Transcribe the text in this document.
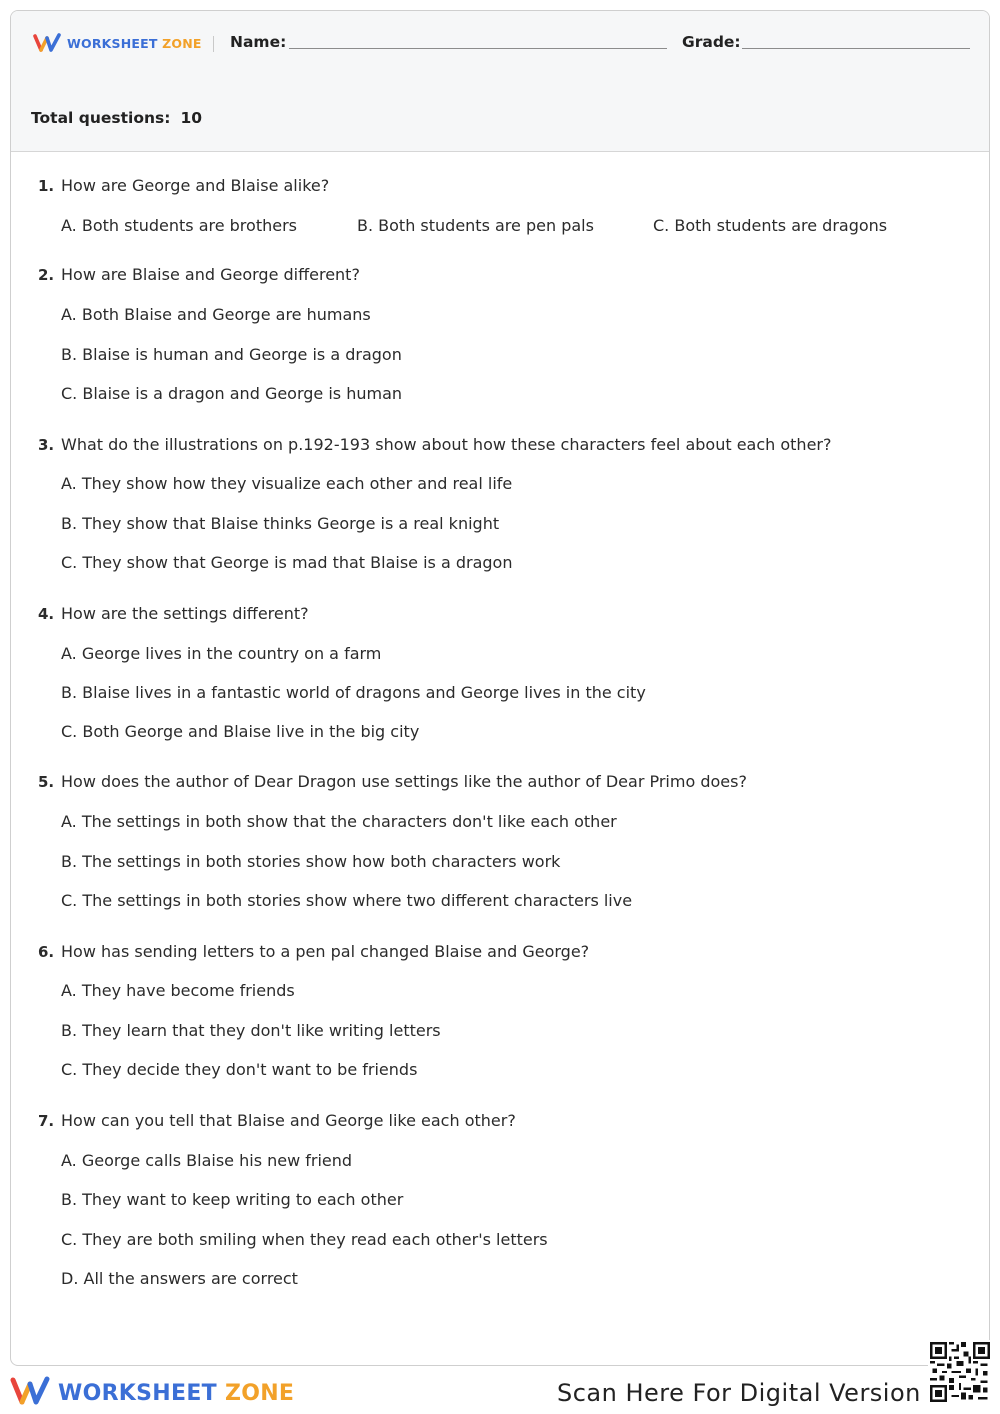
WORKSHEET ZONE Name:	Grade:
Total questions: 10
1. How are George and Blaise alike?
A. Both students are brothers	B. Both students are pen pals	C. Both students are dragons
2. How are Blaise and George different?
A. Both Blaise and George are humans
B. Blaise is human and George is a dragon
C. Blaise is a dragon and George is human
3. What do the illustrations on p.192-193 show about how these characters feel about each other?
A. They show how they visualize each other and real life
B. They show that Blaise thinks George is a real knight
C. They show that George is mad that Blaise is a dragon
4. How are the settings different?
A. George lives in the country on a farm
B. Blaise lives in a fantastic world of dragons and George lives in the city
C. Both George and Blaise live in the big city
5. How does the author of Dear Dragon use settings like the author of Dear Primo does?
A. The settings in both show that the characters don't like each other
B. The settings in both stories show how both characters work
C. The settings in both stories show where two different characters live
6. How has sending letters to a pen pal changed Blaise and George?
A. They have become friends
B. They learn that they don't like writing letters
C. They decide they don't want to be friends
7. How can you tell that Blaise and George like each other?
A. George calls Blaise his new friend
B. They want to keep writing to each other
C. They are both smiling when they read each other's letters
D. All the answers are correct
WORKSHEET ZONE	Scan Here For Digital Version
